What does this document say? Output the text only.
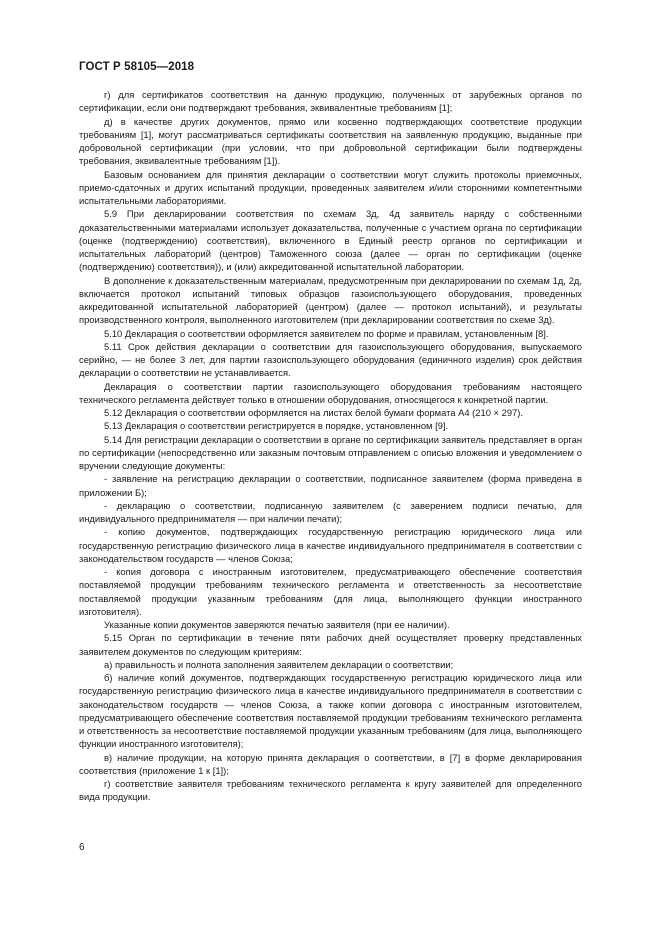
ГОСТ Р 58105—2018

г) для сертификатов соответствия на данную продукцию, полученных от зарубежных органов по сертификации, если они подтверждают требования, эквивалентные требованиям [1];

д) в качестве других документов, прямо или косвенно подтверждающих соответствие продукции требованиям [1], могут рассматриваться сертификаты соответствия на заявленную продукцию, выданные при добровольной сертификации (при условии, что при добровольной сертификации были подтверждены требования, эквивалентные требованиям [1]).

Базовым основанием для принятия декларации о соответствии могут служить протоколы приемочных, приемо-сдаточных и других испытаний продукции, проведенных заявителем и/или сторонними компетентными испытательными лабораториями.

5.9 При декларировании соответствия по схемам 3д, 4д заявитель наряду с собственными доказательственными материалами использует доказательства, полученные с участием органа по сертификации (оценке (подтверждению) соответствия), включенного в Единый реестр органов по сертификации и испытательных лабораторий (центров) Таможенного союза (далее — орган по сертификации (оценке (подтверждению) соответствия)), и (или) аккредитованной испытательной лаборатории.

В дополнение к доказательственным материалам, предусмотренным при декларировании по схемам 1д, 2д, включается протокол испытаний типовых образцов газоиспользующего оборудования, проведенных аккредитованной испытательной лабораторией (центром) (далее — протокол испытаний), и результаты производственного контроля, выполненного изготовителем (при декларировании соответствия по схеме 3д).

5.10 Декларация о соответствии оформляется заявителем по форме и правилам, установленным [8].

5.11 Срок действия декларации о соответствии для газоиспользующего оборудования, выпускаемого серийно, — не более 3 лет, для партии газоиспользующего оборудования (единичного изделия) срок действия декларации о соответствии не устанавливается.

Декларация о соответствии партии газоиспользующего оборудования требованиям настоящего технического регламента действует только в отношении оборудования, относящегося к конкретной партии.

5.12 Декларация о соответствии оформляется на листах белой бумаги формата А4 (210 × 297).

5.13 Декларация о соответствии регистрируется в порядке, установленном [9].

5.14 Для регистрации декларации о соответствии в органе по сертификации заявитель представляет в орган по сертификации (непосредственно или заказным почтовым отправлением с описью вложения и уведомлением о вручении следующие документы:

- заявление на регистрацию декларации о соответствии, подписанное заявителем (форма приведена в приложении Б);

- декларацию о соответствии, подписанную заявителем (с заверением подписи печатью, для индивидуального предпринимателя — при наличии печати);

- копию документов, подтверждающих государственную регистрацию юридического лица или государственную регистрацию физического лица в качестве индивидуального предпринимателя в соответствии с законодательством государств — членов Союза;

- копия договора с иностранным изготовителем, предусматривающего обеспечение соответствия поставляемой продукции требованиям технического регламента и ответственность за несоответствие поставляемой продукции указанным требованиям (для лица, выполняющего функции иностранного изготовителя).

Указанные копии документов заверяются печатью заявителя (при ее наличии).

5.15 Орган по сертификации в течение пяти рабочих дней осуществляет проверку представленных заявителем документов по следующим критериям:

а) правильность и полнота заполнения заявителем декларации о соответствии;

б) наличие копий документов, подтверждающих государственную регистрацию юридического лица или государственную регистрацию физического лица в качестве индивидуального предпринимателя в соответствии с законодательством государств — членов Союза, а также копии договора с иностранным изготовителем, предусматривающего обеспечение соответствия поставляемой продукции требованиям технического регламента и ответственность за несоответствие поставляемой продукции указанным требованиям (для лица, выполняющего функции иностранного изготовителя);

в) наличие продукции, на которую принята декларация о соответствии, в [7] в форме декларирования соответствия (приложение 1 к [1]);

г) соответствие заявителя требованиям технического регламента к кругу заявителей для определенного вида продукции.

6
